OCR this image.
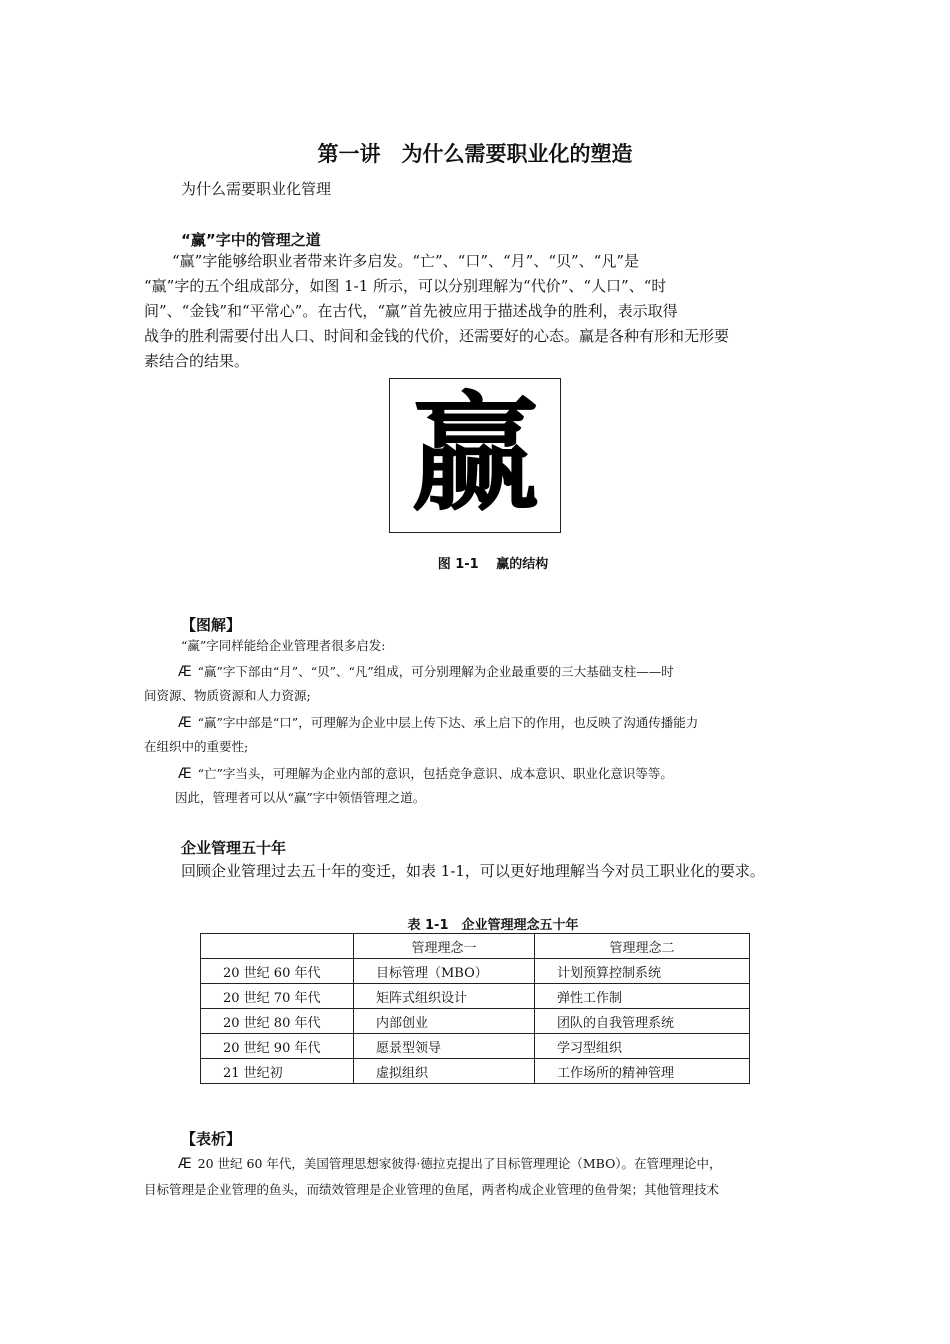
第一讲　为什么需要职业化的塑造
为什么需要职业化管理
“赢”字中的管理之道
“赢”字能够给职业者带来许多启发。“亡”、“口”、“月”、“贝”、“凡”是
“赢”字的五个组成部分，如图 1-1 所示，可以分别理解为“代价”、“人口”、“时
间”、“金钱”和“平常心”。在古代，“赢”首先被应用于描述战争的胜利，表示取得
战争的胜利需要付出人口、时间和金钱的代价，还需要好的心态。赢是各种有形和无形要
素结合的结果。
赢
图 1-1　 赢的结构
【图解】
“赢”字同样能给企业管理者很多启发:
Æ “赢”字下部由“月”、“贝”、“凡”组成，可分别理解为企业最重要的三大基础支柱——时
间资源、物质资源和人力资源;
Æ “赢”字中部是“口”，可理解为企业中层上传下达、承上启下的作用，也反映了沟通传播能力
在组织中的重要性;
Æ “亡”字当头，可理解为企业内部的意识，包括竞争意识、成本意识、职业化意识等等。
因此，管理者可以从“赢”字中领悟管理之道。
企业管理五十年
回顾企业管理过去五十年的变迁，如表 1-1，可以更好地理解当今对员工职业化的要求。
表 1-1　企业管理理念五十年
	管理理念一	管理理念二
20 世纪 60 年代	目标管理（MBO）	计划预算控制系统
20 世纪 70 年代	矩阵式组织设计	弹性工作制
20 世纪 80 年代	内部创业	团队的自我管理系统
20 世纪 90 年代	愿景型领导	学习型组织
21 世纪初	虚拟组织	工作场所的精神管理
【表析】
Æ 20 世纪 60 年代，美国管理思想家彼得·德拉克提出了目标管理理论（MBO）。在管理理论中，
目标管理是企业管理的鱼头，而绩效管理是企业管理的鱼尾，两者构成企业管理的鱼骨架；其他管理技术
